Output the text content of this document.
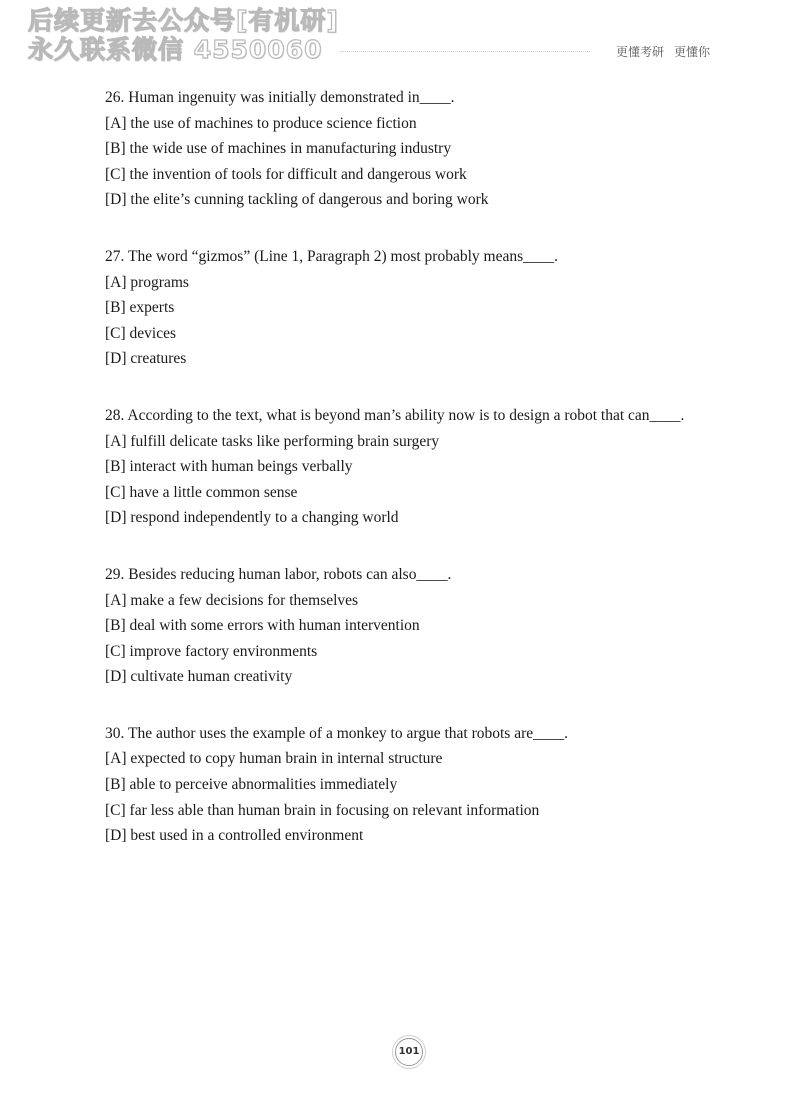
后续更新去公众号[有机研]
永久联系微信 4550060	更懂考研 更懂你
26. Human ingenuity was initially demonstrated in____.
[A] the use of machines to produce science fiction
[B] the wide use of machines in manufacturing industry
[C] the invention of tools for difficult and dangerous work
[D] the elite’s cunning tackling of dangerous and boring work
27. The word “gizmos” (Line 1, Paragraph 2) most probably means____.
[A] programs
[B] experts
[C] devices
[D] creatures
28. According to the text, what is beyond man’s ability now is to design a robot that can____.
[A] fulfill delicate tasks like performing brain surgery
[B] interact with human beings verbally
[C] have a little common sense
[D] respond independently to a changing world
29. Besides reducing human labor, robots can also____.
[A] make a few decisions for themselves
[B] deal with some errors with human intervention
[C] improve factory environments
[D] cultivate human creativity
30. The author uses the example of a monkey to argue that robots are____.
[A] expected to copy human brain in internal structure
[B] able to perceive abnormalities immediately
[C] far less able than human brain in focusing on relevant information
[D] best used in a controlled environment
101
